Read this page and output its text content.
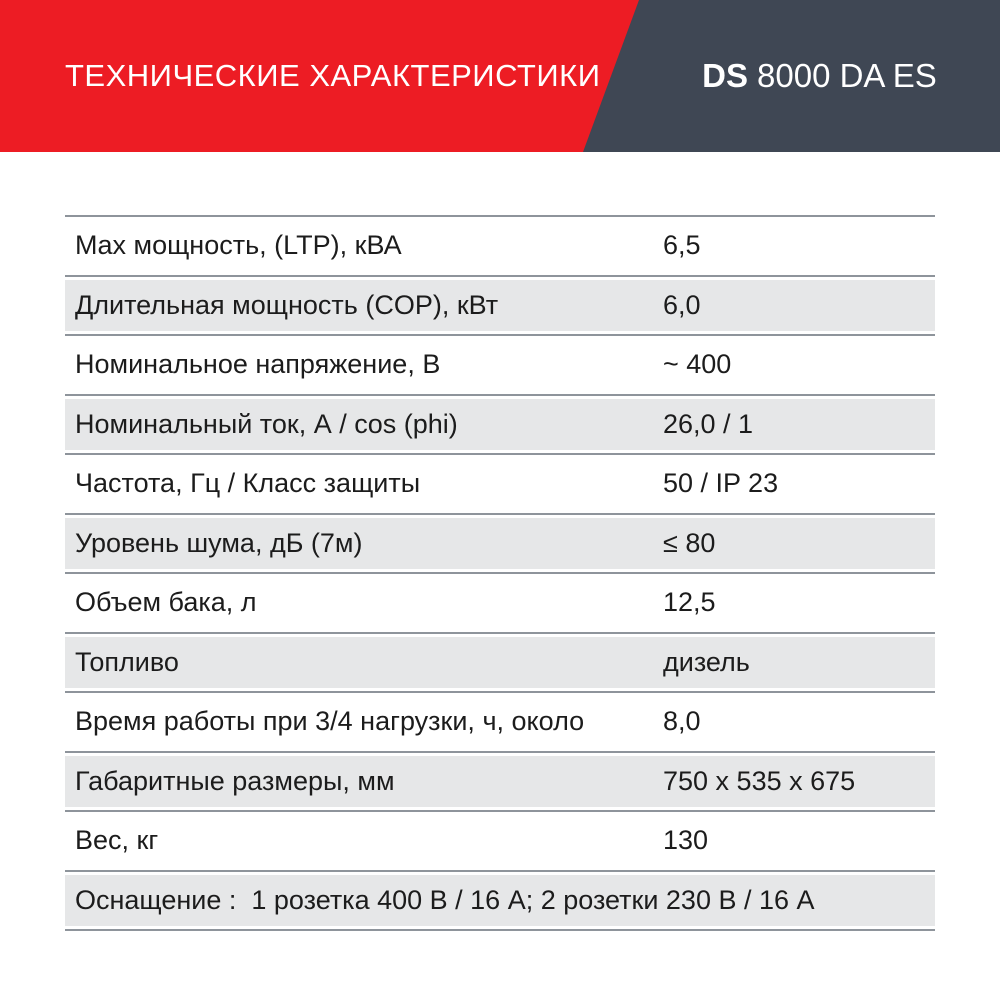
ТЕХНИЧЕСКИЕ ХАРАКТЕРИСТИКИ	DS 8000 DA ES
Max мощность, (LTP), кВА	6,5
Длительная мощность (COP), кВт	6,0
Номинальное напряжение, В	~ 400
Номинальный ток, А / cos (phi)	26,0 / 1
Частота, Гц / Класс защиты	50 / IP 23
Уровень шума, дБ (7м)	≤ 80
Объем бака, л	12,5
Топливо	дизель
Время работы при 3/4 нагрузки, ч, около	8,0
Габаритные размеры, мм	750 x 535 x 675
Вес, кг	130
Оснащение :  1 розетка 400 В / 16 А; 2 розетки 230 В / 16 А
